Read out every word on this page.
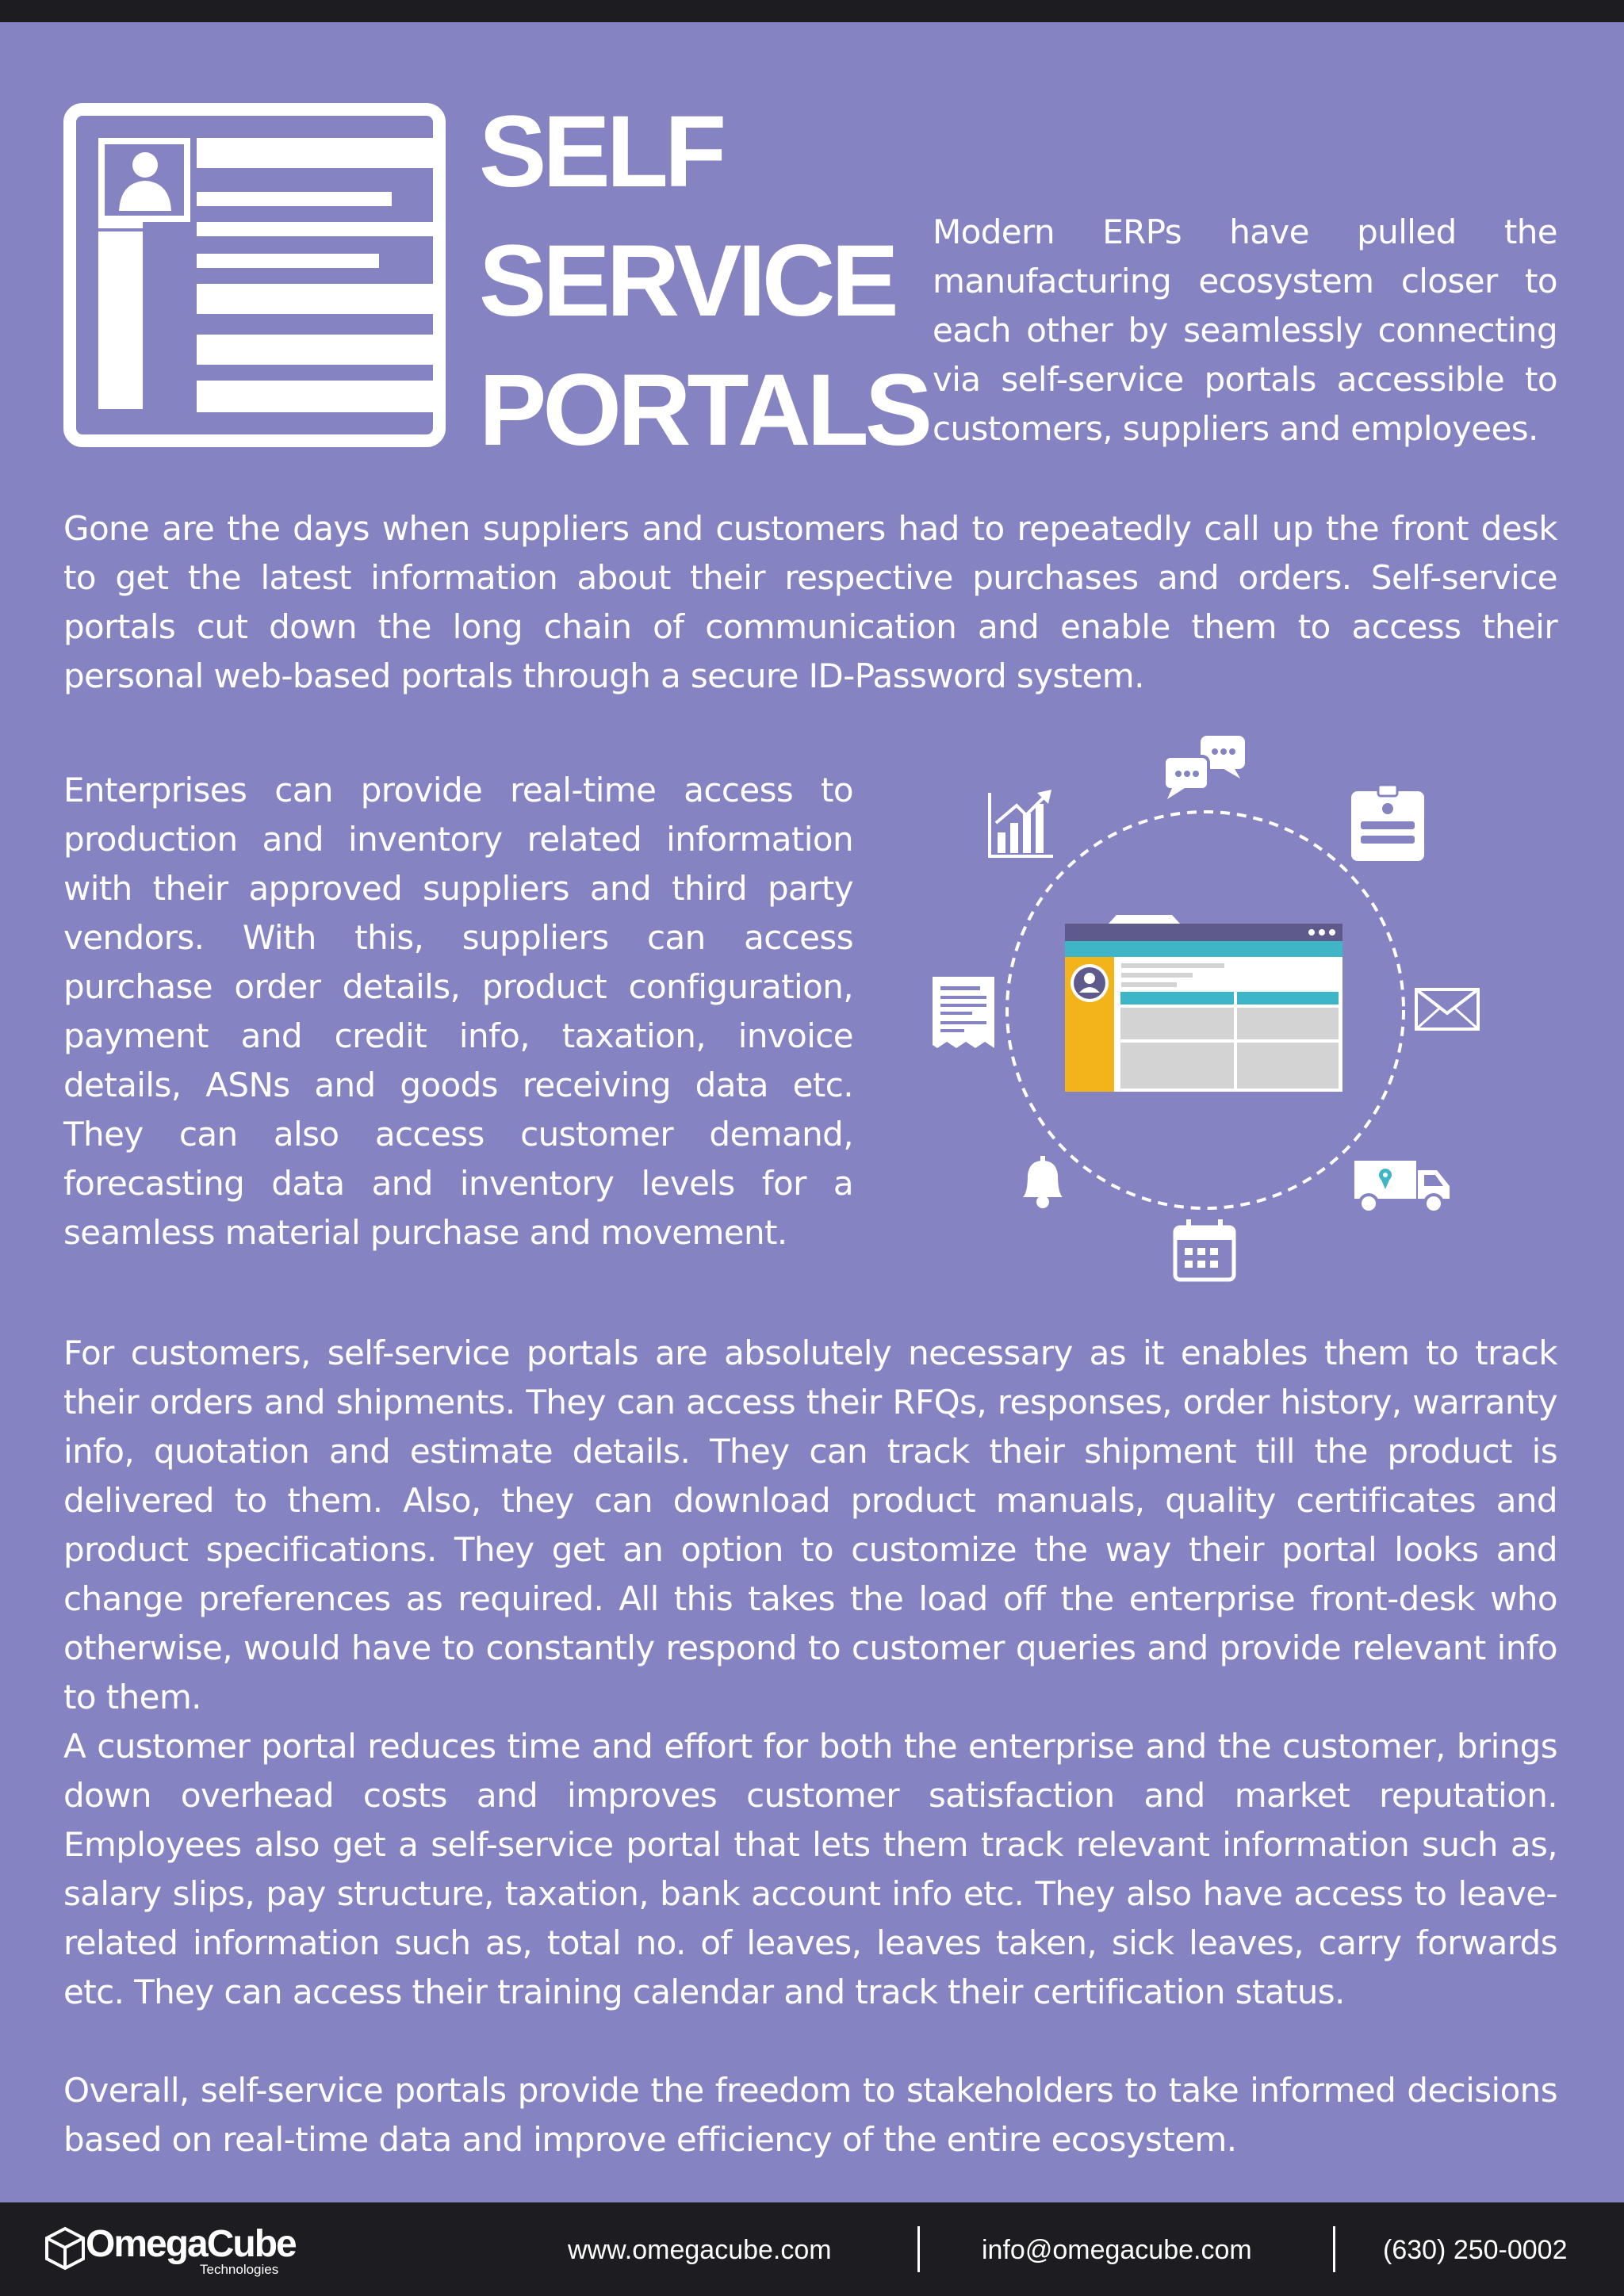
SELF
SERVICE
PORTALS

Modern ERPs have pulled the manufacturing ecosystem closer to each other by seamlessly connecting via self-service portals accessible to customers, suppliers and employees.

Gone are the days when suppliers and customers had to repeatedly call up the front desk to get the latest information about their respective purchases and orders. Self-service portals cut down the long chain of communication and enable them to access their personal web-based portals through a secure ID-Password system.

Enterprises can provide real-time access to production and inventory related information with their approved suppliers and third party vendors. With this, suppliers can access purchase order details, product configuration, payment and credit info, taxation, invoice details, ASNs and goods receiving data etc. They can also access customer demand, forecasting data and inventory levels for a seamless material purchase and movement.

For customers, self-service portals are absolutely necessary as it enables them to track their orders and shipments. They can access their RFQs, responses, order history, warranty info, quotation and estimate details. They can track their shipment till the product is delivered to them. Also, they can download product manuals, quality certificates and product specifications. They get an option to customize the way their portal looks and change preferences as required. All this takes the load off the enterprise front-desk who otherwise, would have to constantly respond to customer queries and provide relevant info to them.

A customer portal reduces time and effort for both the enterprise and the customer, brings down overhead costs and improves customer satisfaction and market reputation. Employees also get a self-service portal that lets them track relevant information such as, salary slips, pay structure, taxation, bank account info etc. They also have access to leave-related information such as, total no. of leaves, leaves taken, sick leaves, carry forwards etc. They can access their training calendar and track their certification status.

Overall, self-service portals provide the freedom to stakeholders to take informed decisions based on real-time data and improve efficiency of the entire ecosystem.

OmegaCube
Technologies
www.omegacube.com	info@omegacube.com	(630) 250-0002
